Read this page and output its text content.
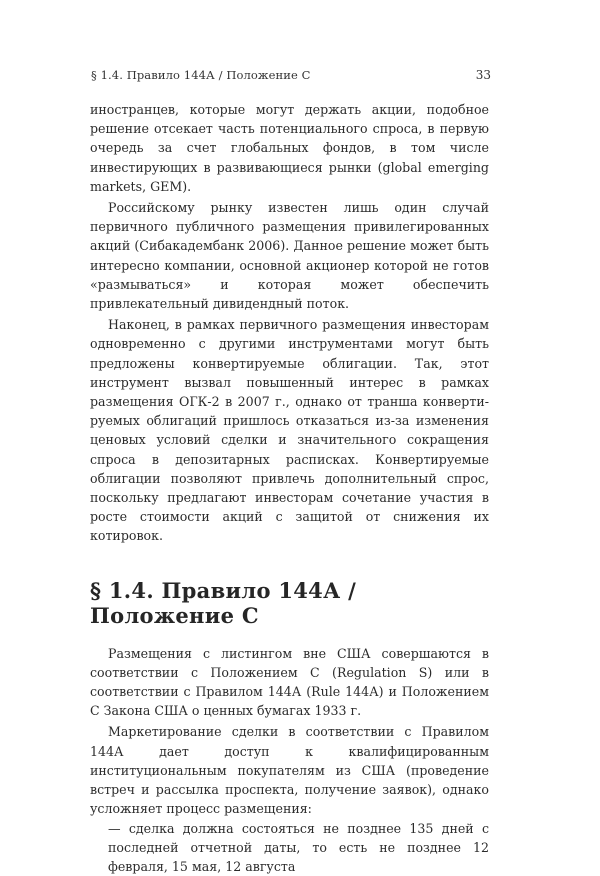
§ 1.4. Правило 144А / Положение С	33

иностранцев, которые могут держать акции, подобное решение отсекает часть потенциального спроса, в первую очередь за счет глобальных фондов, в том числе инвестирующих в развивающиеся рынки (global emerging markets, GEM).

Российскому рынку известен лишь один случай первичного публичного размещения привилегированных акций (Сибакадембанк 2006). Данное решение может быть интересно компании, основной акционер которой не готов «размываться» и которая может обеспечить привлекательный дивидендный поток.

Наконец, в рамках первичного размещения инвесторам одновременно с другими инструментами могут быть предложены конвертируемые облигации. Так, этот инструмент вызвал повышенный интерес в рамках размещения ОГК-2 в 2007 г., однако от транша конвертируемых облигаций пришлось отказаться из-за изменения ценовых условий сделки и значительного сокращения спроса в депозитарных расписках. Конвертируемые облигации позволяют привлечь дополнительный спрос, поскольку предлагают инвесторам сочетание участия в росте стоимости акций с защитой от снижения их котировок.

§ 1.4. Правило 144А / Положение С

Размещения с листингом вне США совершаются в соответствии с Положением С (Regulation S) или в соответствии с Правилом 144А (Rule 144А) и Положением С Закона США о ценных бумагах 1933 г.

Маркетирование сделки в соответствии с Правилом 144А дает доступ к квалифицированным институциональным покупателям из США (проведение встреч и рассылка проспекта, получение заявок), однако усложняет процесс размещения:

— сделка должна состояться не позднее 135 дней с последней отчетной даты, то есть не позднее 12 февраля, 15 мая, 12 августа
